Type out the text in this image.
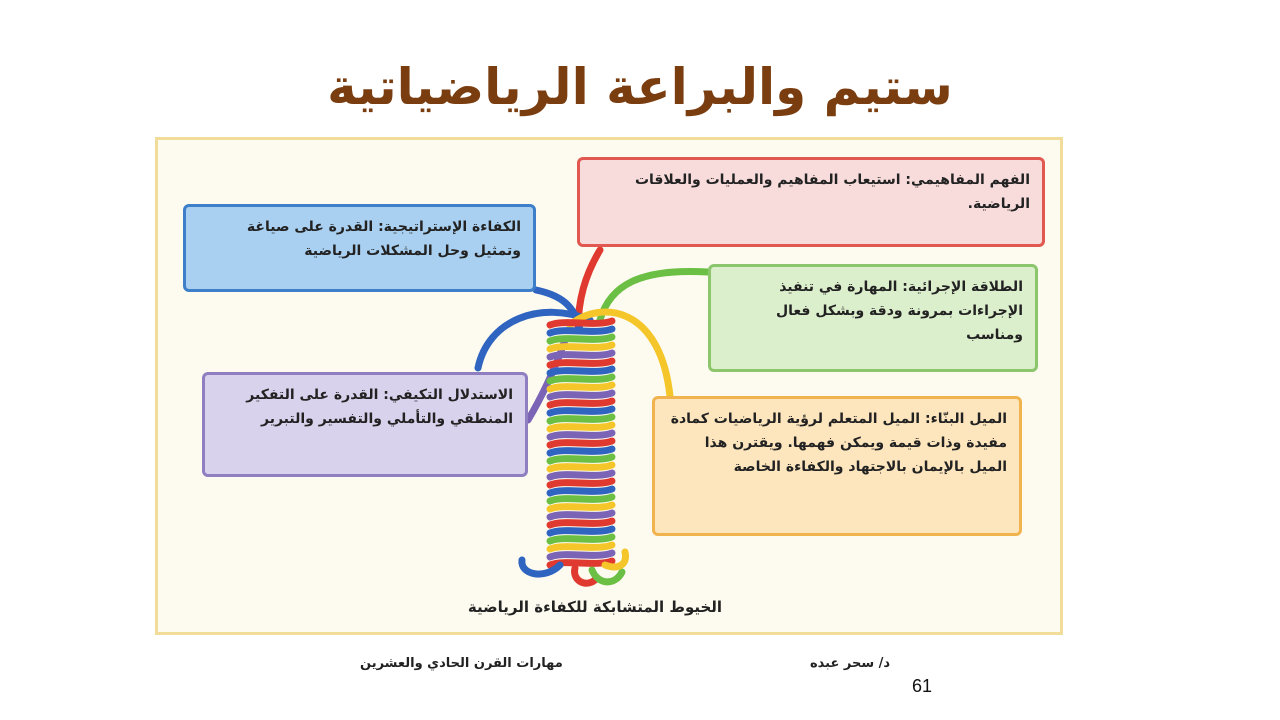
ستيم والبراعة الرياضياتية
الفهم المفاهيمي: استيعاب المفاهيم والعمليات والعلاقات الرياضية.
الكفاءة الإستراتيجية: القدرة على صياغة وتمثيل وحل المشكلات الرياضية
الطلاقة الإجرائية: المهارة في تنفيذ الإجراءات بمرونة ودقة وبشكل فعال ومناسب
الاستدلال التكيفي: القدرة على التفكير المنطقي والتأملي والتفسير والتبرير	الميل البنّاء: الميل المتعلم لرؤية الرياضيات كمادة مفيدة وذات قيمة ويمكن فهمها. ويقترن هذا الميل بالإيمان بالاجتهاد والكفاءة الخاصة
الخيوط المتشابكة للكفاءة الرياضية
مهارات القرن الحادي والعشرين	د/ سحر عبده
61
